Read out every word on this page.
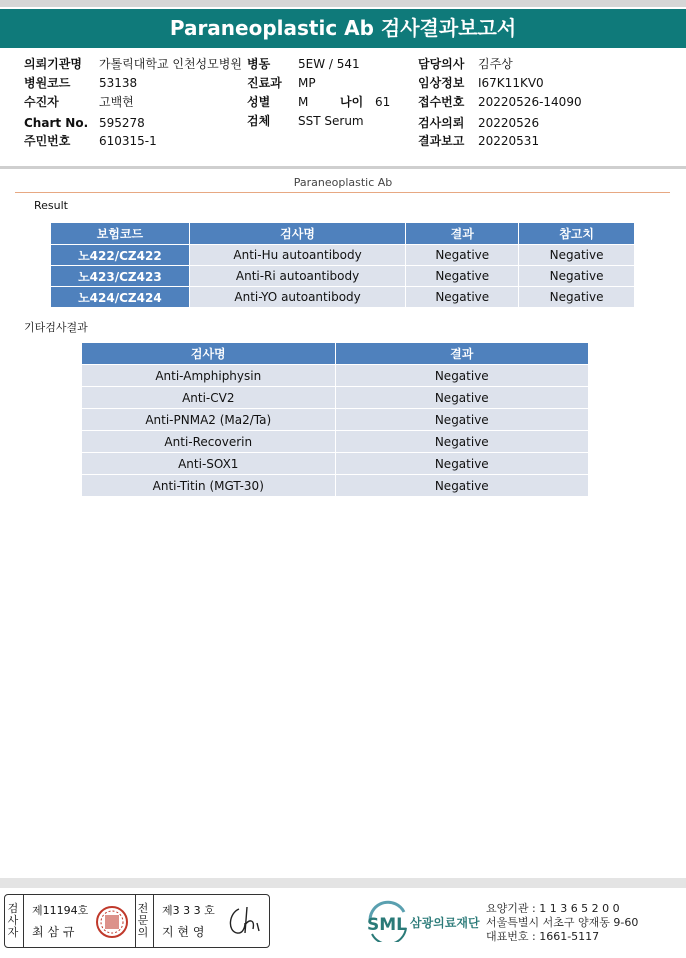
Paraneoplastic Ab 검사결과보고서
의뢰기관명 가톨릭대학교 인천성모병원 병동 5EW / 541	담당의사 김주상
병원코드 53138	진료과 MP	임상정보 I67K11KV0
수진자	고백현	성별 M	나이 61 접수번호 20220526-14090
Chart No. 595278	검체 SST Serum	검사의뢰 20220526
주민번호 610315-1	결과보고 20220531
Paraneoplastic Ab
Result
보험코드	검사명	결과	참고치
노422/CZ422	Anti-Hu autoantibody	Negative	Negative
노423/CZ423	Anti-Ri autoantibody	Negative	Negative
노424/CZ424	Anti-YO autoantibody	Negative	Negative
기타검사결과
검사명	결과
Anti-Amphiphysin	Negative
Anti-CV2	Negative
Anti-PNMA2 (Ma2/Ta)	Negative
Anti-Recoverin	Negative
Anti-SOX1	Negative
Anti-Titin (MGT-30)	Negative
검사자
제11194호
최 삼 규
전문의
제3 3 3 호
지 현 영	SML 삼광의료재단
요양기관 : 1 1 3 6 5 2 0 0
서울특별시 서초구 양재동 9-60
대표번호 : 1661-5117
